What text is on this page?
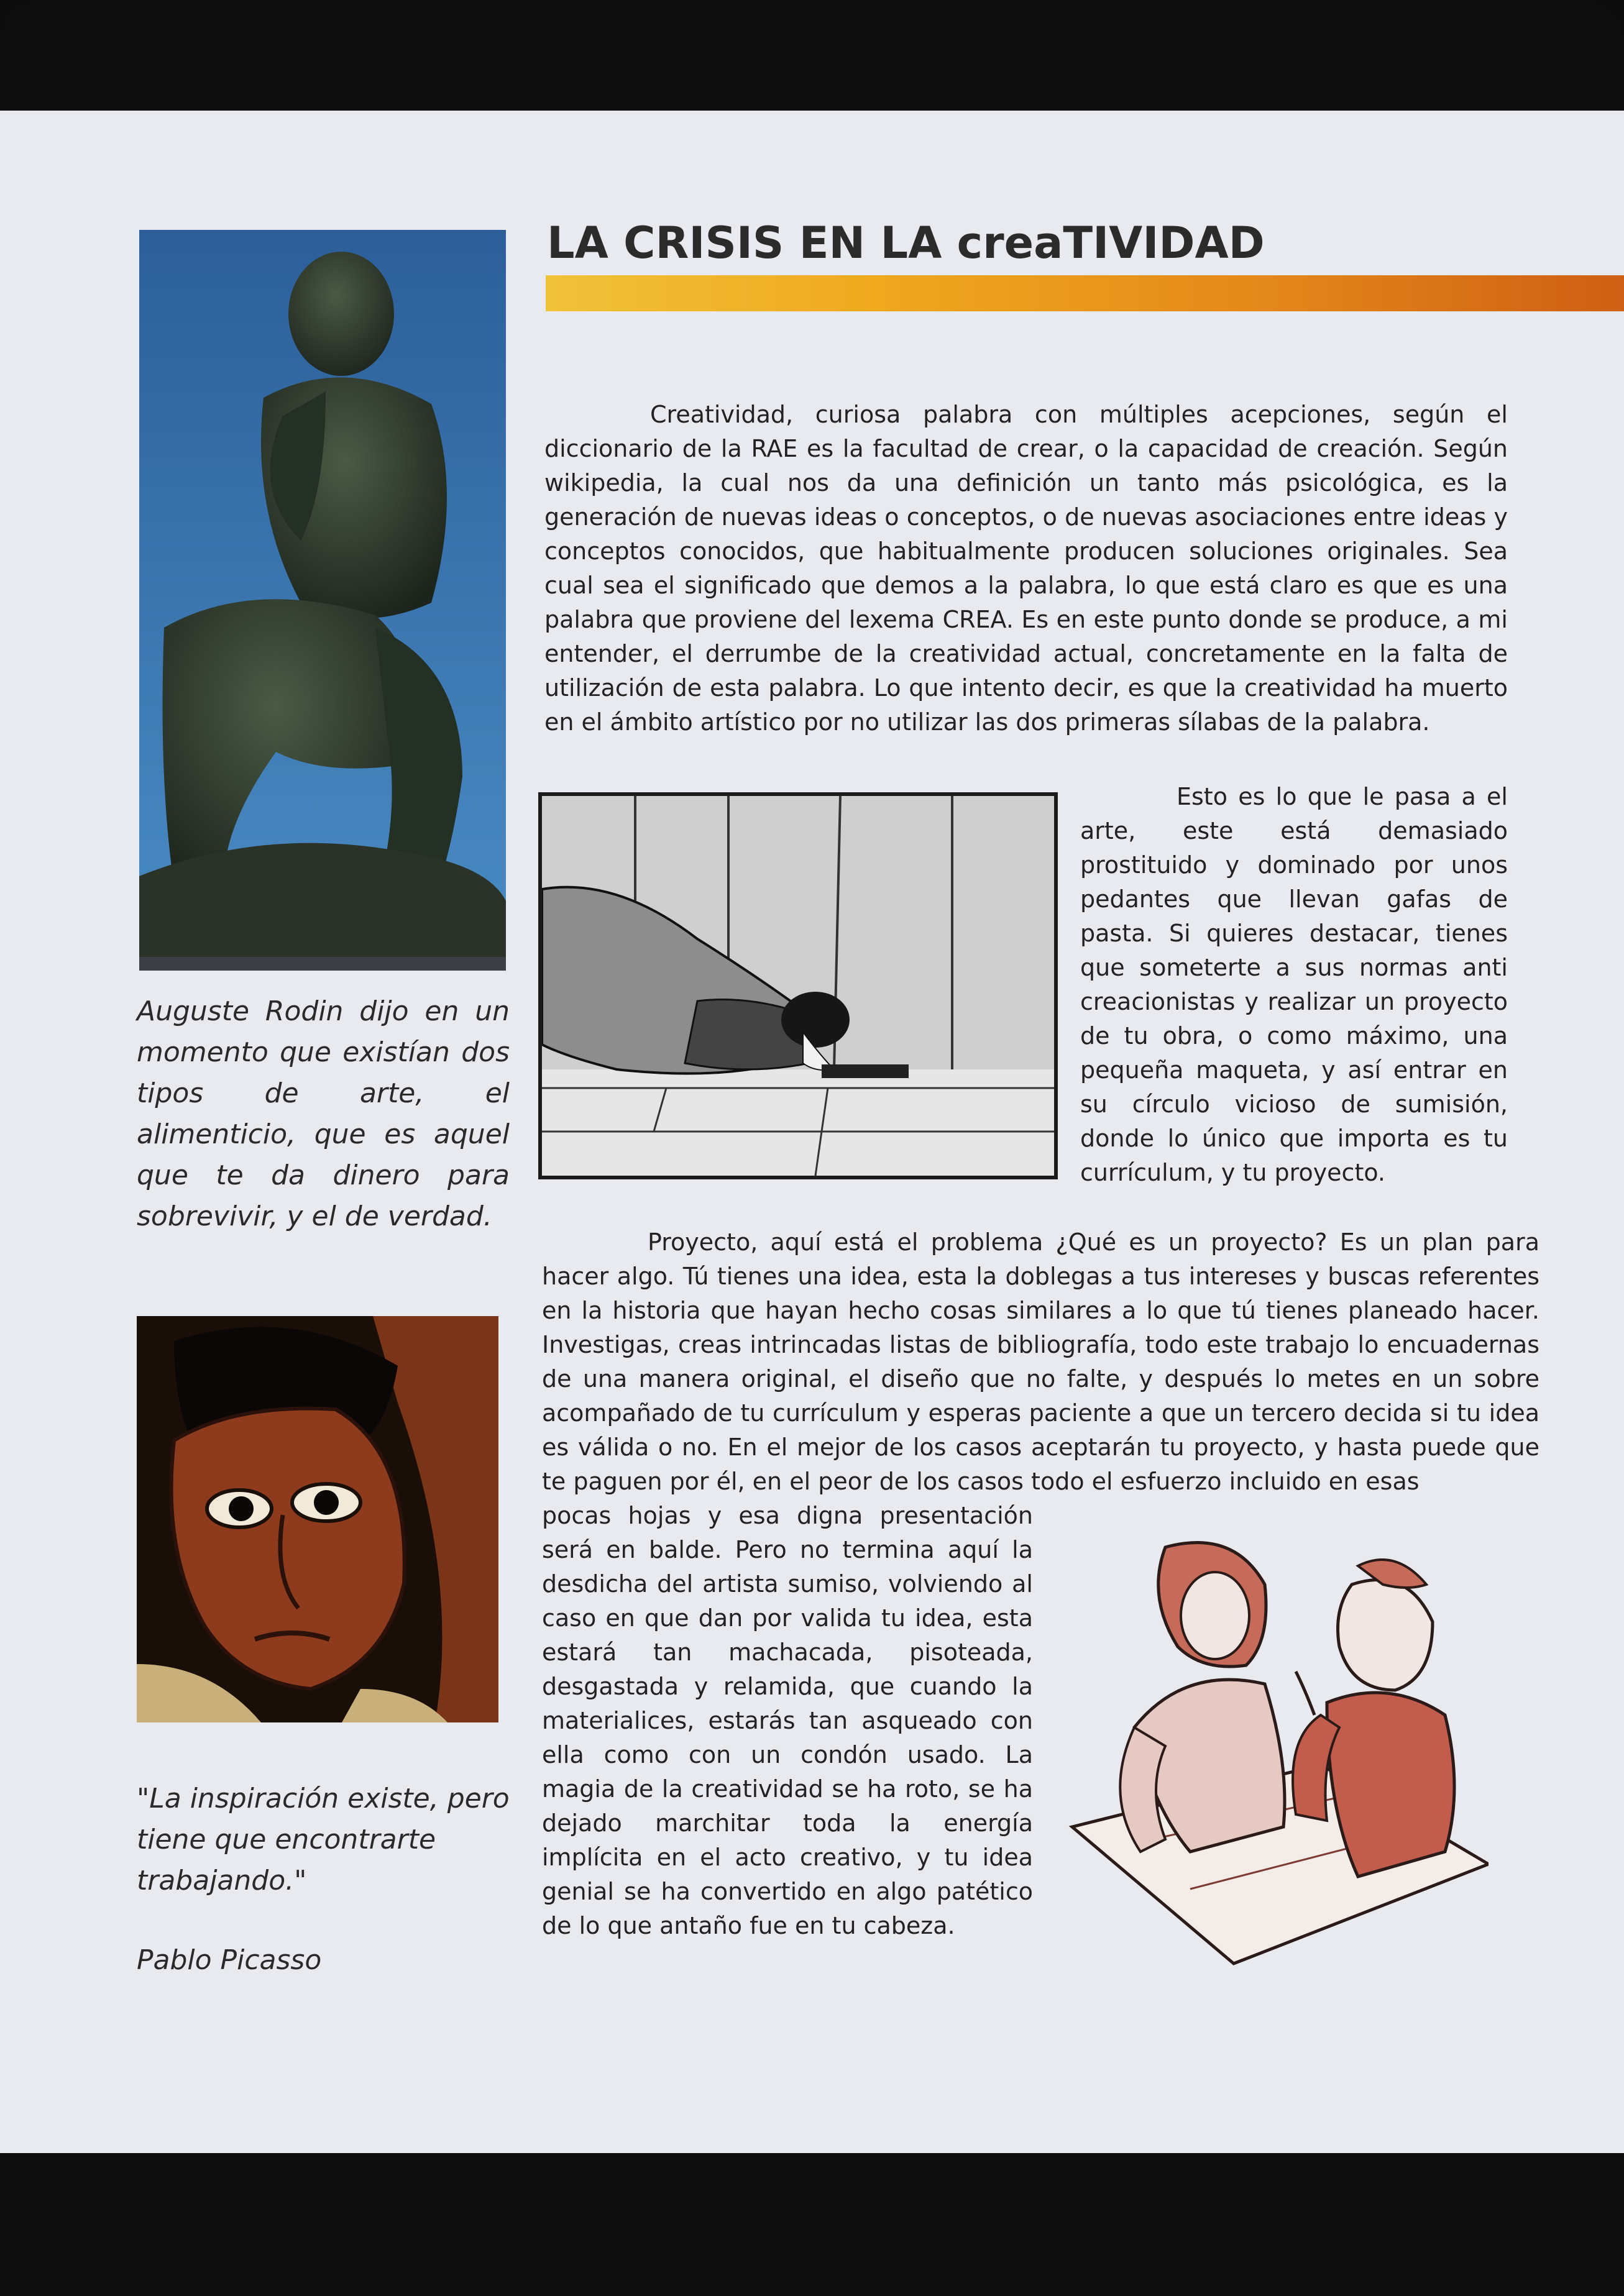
LA CRISIS EN LA creaTIVIDAD

Auguste Rodin dijo en un momento que existían dos tipos de arte, el alimenticio, que es aquel que te da dinero para sobrevivir, y el de verdad.

Creatividad, curiosa palabra con múltiples acepciones, según el diccionario de la RAE es la facultad de crear, o la capacidad de creación. Según wikipedia, la cual nos da una definición un tanto más psicológica, es la generación de nuevas ideas o conceptos, o de nuevas asociaciones entre ideas y conceptos conocidos, que habitualmente producen soluciones originales. Sea cual sea el significado que demos a la palabra, lo que está claro es que es una palabra que proviene del lexema CREA. Es en este punto donde se produce, a mi entender, el derrumbe de la creatividad actual, concretamente en la falta de utilización de esta palabra. Lo que intento decir, es que la creatividad ha muerto en el ámbito artístico por no utilizar las dos primeras sílabas de la palabra.

Esto es lo que le pasa a el arte, este está demasiado prostituido y dominado por unos pedantes que llevan gafas de pasta. Si quieres destacar, tienes que someterte a sus normas anti creacionistas y realizar un proyecto de tu obra, o como máximo, una pequeña maqueta, y así entrar en su círculo vicioso de sumisión, donde lo único que importa es tu currículum, y tu proyecto.

Proyecto, aquí está el problema ¿Qué es un proyecto? Es un plan para hacer algo. Tú tienes una idea, esta la doblegas a tus intereses y buscas referentes en la historia que hayan hecho cosas similares a lo que tú tienes planeado hacer. Investigas, creas intrincadas listas de bibliografía, todo este trabajo lo encuadernas de una manera original, el diseño que no falte, y después lo metes en un sobre acompañado de tu currículum y esperas paciente a que un tercero decida si tu idea es válida o no. En el mejor de los casos aceptarán tu proyecto, y hasta puede que te paguen por él, en el peor de los casos todo el esfuerzo incluido en esas

pocas hojas y esa digna presentación será en balde. Pero no termina aquí la desdicha del artista sumiso, volviendo al caso en que dan por valida tu idea, esta estará tan machacada, pisoteada, desgastada y relamida, que cuando la materialices, estarás tan asqueado con ella como con un condón usado. La magia de la creatividad se ha roto, se ha dejado marchitar toda la energía implícita en el acto creativo, y tu idea genial se ha convertido en algo patético de lo que antaño fue en tu cabeza.

"La inspiración existe, pero tiene que encontrarte trabajando."

Pablo Picasso
